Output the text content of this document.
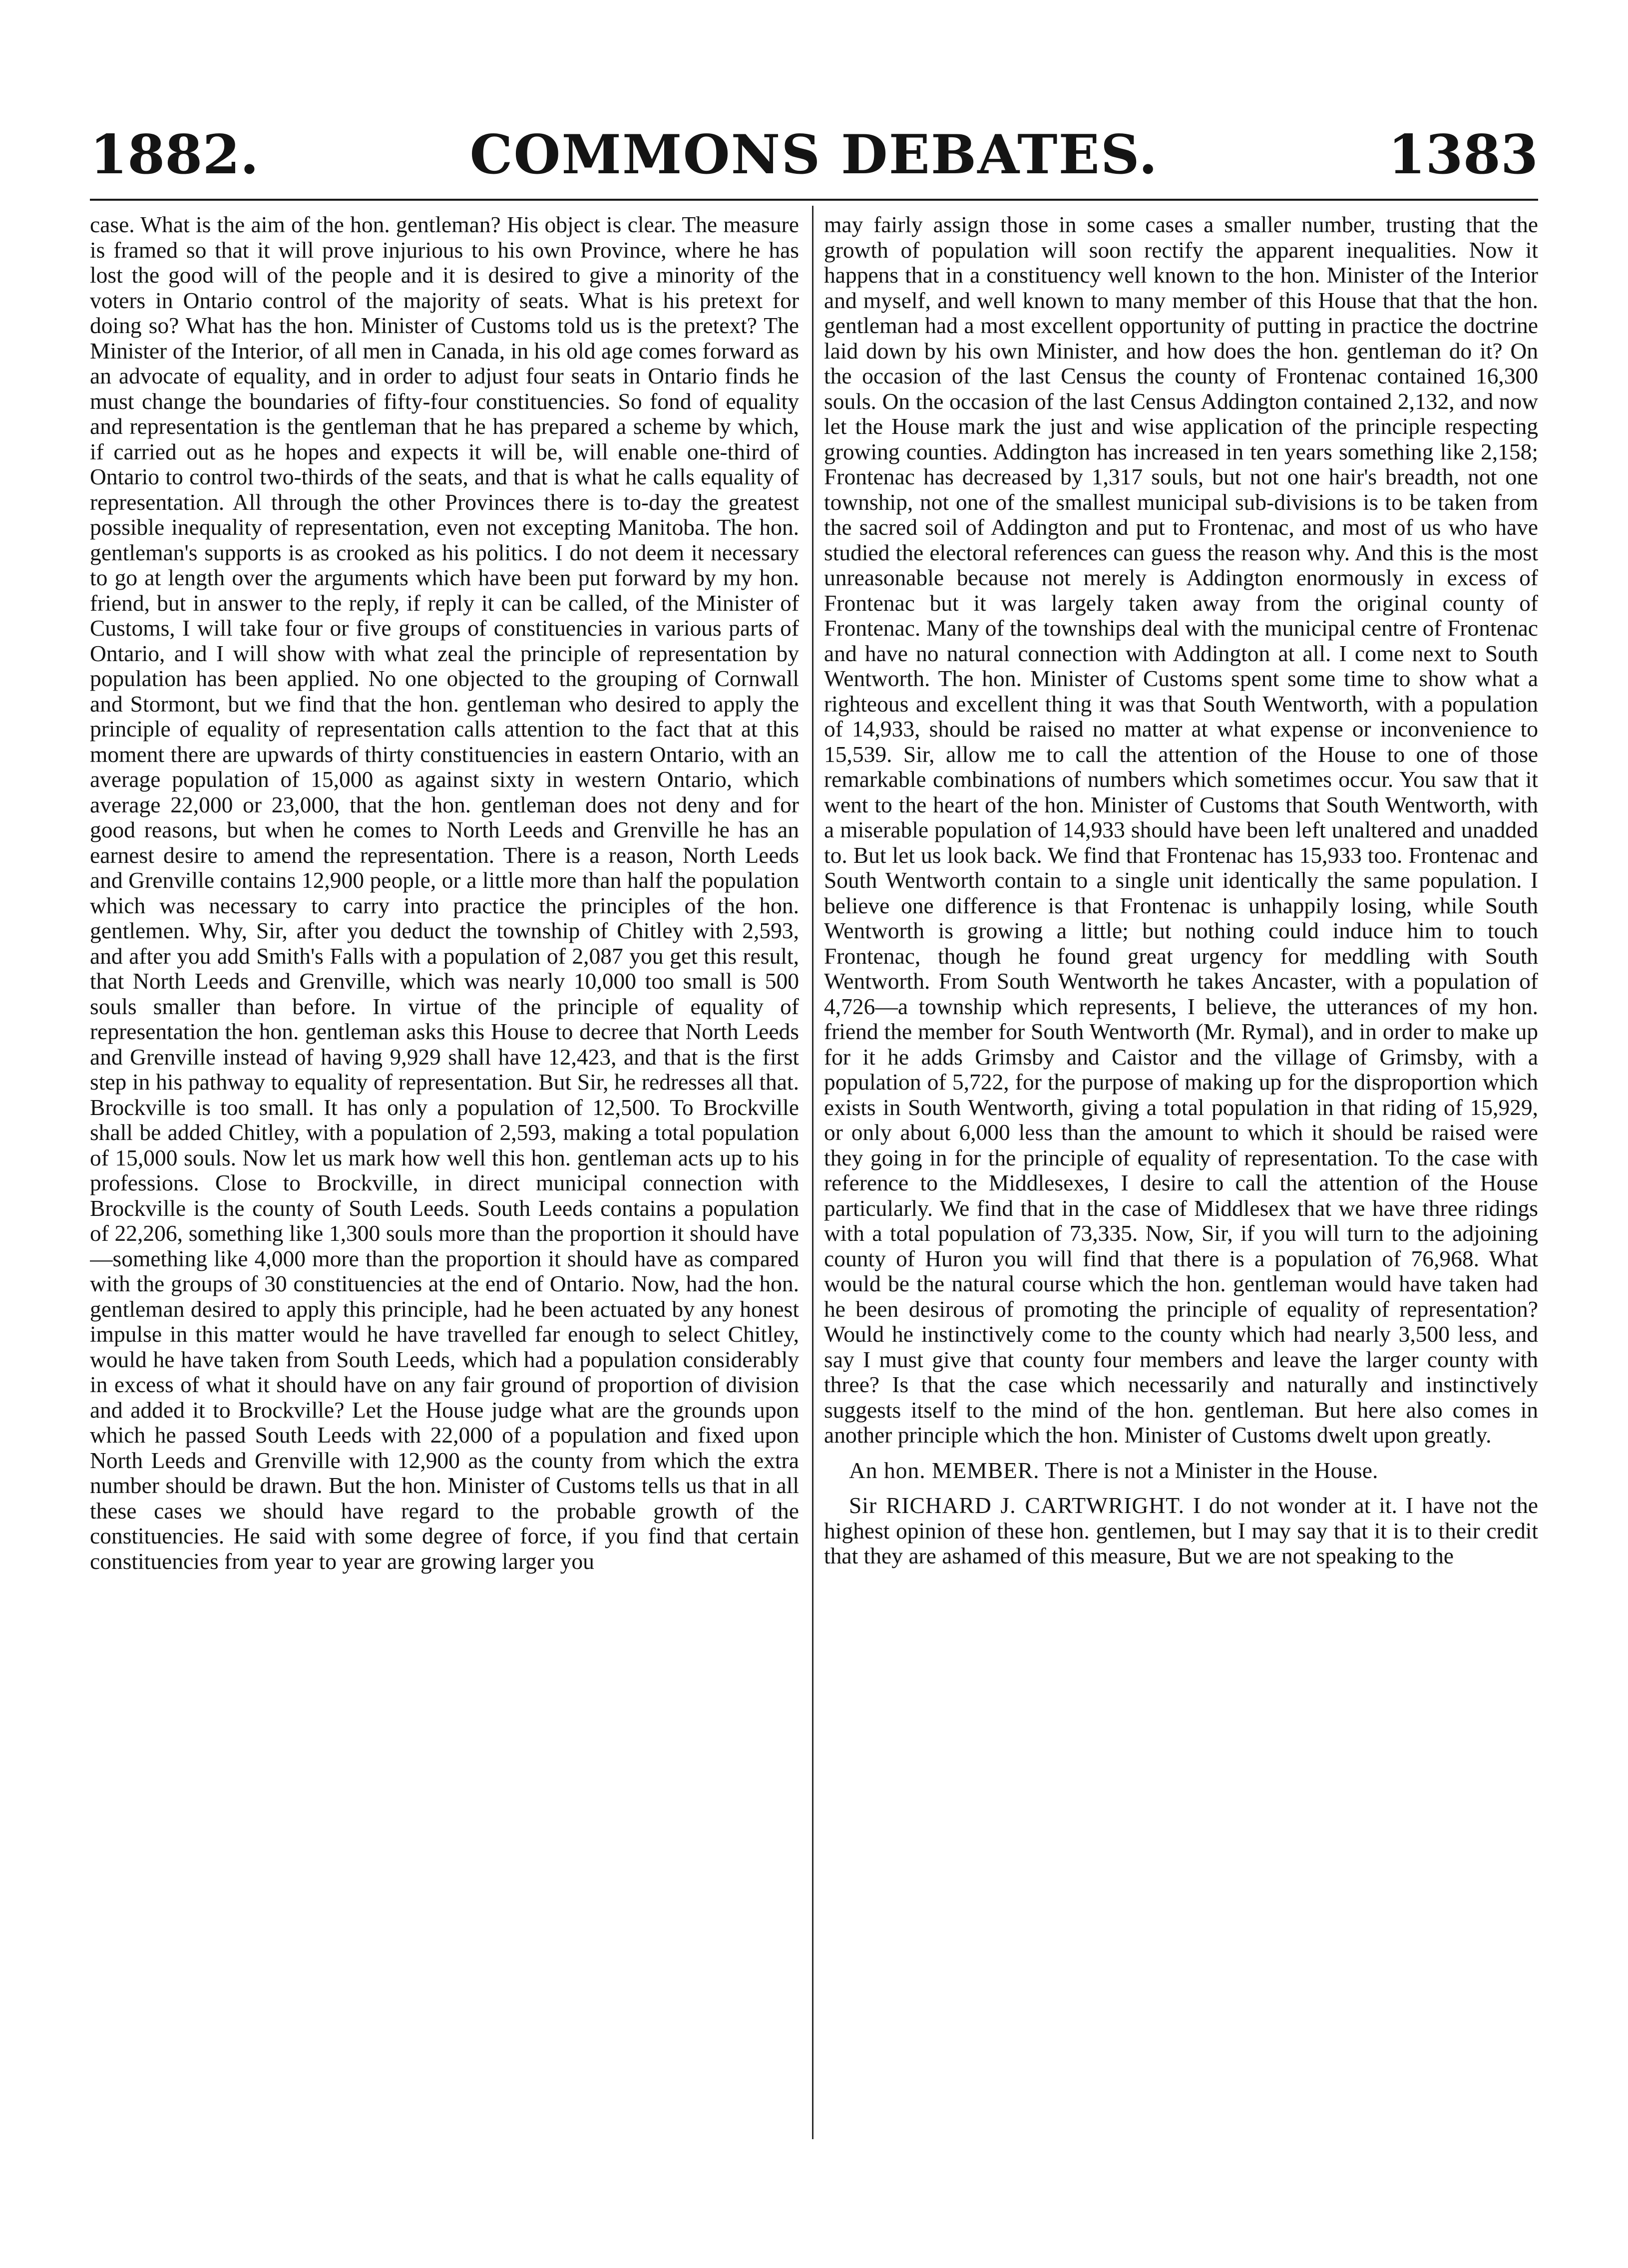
1882.	COMMONS DEBATES.	1383

case. What is the aim of the hon. gentleman? His object is clear. The measure is framed so that it will prove injurious to his own Province, where he has lost the good will of the people and it is desired to give a minority of the voters in Ontario control of the majority of seats. What is his pretext for doing so? What has the hon. Minister of Customs told us is the pretext? The Minister of the Interior, of all men in Canada, in his old age comes forward as an advocate of equality, and in order to adjust four seats in Ontario finds he must change the boundaries of fifty-four constituencies. So fond of equality and representation is the gentleman that he has prepared a scheme by which, if carried out as he hopes and expects it will be, will enable one-third of Ontario to control two-thirds of the seats, and that is what he calls equality of representation. All through the other Provinces there is to-day the greatest possible inequality of representation, even not excepting Manitoba. The hon. gentleman's supports is as crooked as his politics. I do not deem it necessary to go at length over the arguments which have been put forward by my hon. friend, but in answer to the reply, if reply it can be called, of the Minister of Customs, I will take four or five groups of constituencies in various parts of Ontario, and I will show with what zeal the principle of representation by population has been applied. No one objected to the grouping of Cornwall and Stormont, but we find that the hon. gentleman who desired to apply the principle of equality of representation calls attention to the fact that at this moment there are upwards of thirty constituencies in eastern Ontario, with an average population of 15,000 as against sixty in western Ontario, which average 22,000 or 23,000, that the hon. gentleman does not deny and for good reasons, but when he comes to North Leeds and Grenville he has an earnest desire to amend the representation. There is a reason, North Leeds and Grenville contains 12,900 people, or a little more than half the population which was necessary to carry into practice the principles of the hon. gentlemen. Why, Sir, after you deduct the township of Chitley with 2,593, and after you add Smith's Falls with a population of 2,087 you get this result, that North Leeds and Grenville, which was nearly 10,000 too small is 500 souls smaller than before. In virtue of the principle of equality of representation the hon. gentleman asks this House to decree that North Leeds and Grenville instead of having 9,929 shall have 12,423, and that is the first step in his pathway to equality of representation. But Sir, he redresses all that. Brockville is too small. It has only a population of 12,500. To Brockville shall be added Chitley, with a population of 2,593, making a total population of 15,000 souls. Now let us mark how well this hon. gentleman acts up to his professions. Close to Brockville, in direct municipal connection with Brockville is the county of South Leeds. South Leeds contains a population of 22,206, something like 1,300 souls more than the proportion it should have—something like 4,000 more than the proportion it should have as compared with the groups of 30 constituencies at the end of Ontario. Now, had the hon. gentleman desired to apply this principle, had he been actuated by any honest impulse in this matter would he have travelled far enough to select Chitley, would he have taken from South Leeds, which had a population considerably in excess of what it should have on any fair ground of proportion of division and added it to Brockville? Let the House judge what are the grounds upon which he passed South Leeds with 22,000 of a population and fixed upon North Leeds and Grenville with 12,900 as the county from which the extra number should be drawn. But the hon. Minister of Customs tells us that in all these cases we should have regard to the probable growth of the constituencies. He said with some degree of force, if you find that certain constituencies from year to year are growing larger you

may fairly assign those in some cases a smaller number, trusting that the growth of population will soon rectify the apparent inequalities. Now it happens that in a constituency well known to the hon. Minister of the Interior and myself, and well known to many member of this House that that the hon. gentleman had a most excellent opportunity of putting in practice the doctrine laid down by his own Minister, and how does the hon. gentleman do it? On the occasion of the last Census the county of Frontenac contained 16,300 souls. On the occasion of the last Census Addington contained 2,132, and now let the House mark the just and wise application of the principle respecting growing counties. Addington has increased in ten years something like 2,158; Frontenac has decreased by 1,317 souls, but not one hair's breadth, not one township, not one of the smallest municipal sub-divisions is to be taken from the sacred soil of Addington and put to Frontenac, and most of us who have studied the electoral references can guess the reason why. And this is the most unreasonable because not merely is Addington enormously in excess of Frontenac but it was largely taken away from the original county of Frontenac. Many of the townships deal with the municipal centre of Frontenac and have no natural connection with Addington at all. I come next to South Wentworth. The hon. Minister of Customs spent some time to show what a righteous and excellent thing it was that South Wentworth, with a population of 14,933, should be raised no matter at what expense or inconvenience to 15,539. Sir, allow me to call the attention of the House to one of those remarkable combinations of numbers which sometimes occur. You saw that it went to the heart of the hon. Minister of Customs that South Wentworth, with a miserable population of 14,933 should have been left unaltered and unadded to. But let us look back. We find that Frontenac has 15,933 too. Frontenac and South Wentworth contain to a single unit identically the same population. I believe one difference is that Frontenac is unhappily losing, while South Wentworth is growing a little; but nothing could induce him to touch Frontenac, though he found great urgency for meddling with South Wentworth. From South Wentworth he takes Ancaster, with a population of 4,726—a township which represents, I believe, the utterances of my hon. friend the member for South Wentworth (Mr. Rymal), and in order to make up for it he adds Grimsby and Caistor and the village of Grimsby, with a population of 5,722, for the purpose of making up for the disproportion which exists in South Wentworth, giving a total population in that riding of 15,929, or only about 6,000 less than the amount to which it should be raised were they going in for the principle of equality of representation. To the case with reference to the Middlesexes, I desire to call the attention of the House particularly. We find that in the case of Middlesex that we have three ridings with a total population of 73,335. Now, Sir, if you will turn to the adjoining county of Huron you will find that there is a population of 76,968. What would be the natural course which the hon. gentleman would have taken had he been desirous of promoting the principle of equality of representation? Would he instinctively come to the county which had nearly 3,500 less, and say I must give that county four members and leave the larger county with three? Is that the case which necessarily and naturally and instinctively suggests itself to the mind of the hon. gentleman. But here also comes in another principle which the hon. Minister of Customs dwelt upon greatly.

An hon. MEMBER. There is not a Minister in the House.

Sir RICHARD J. CARTWRIGHT. I do not wonder at it. I have not the highest opinion of these hon. gentlemen, but I may say that it is to their credit that they are ashamed of this measure, But we are not speaking to the
